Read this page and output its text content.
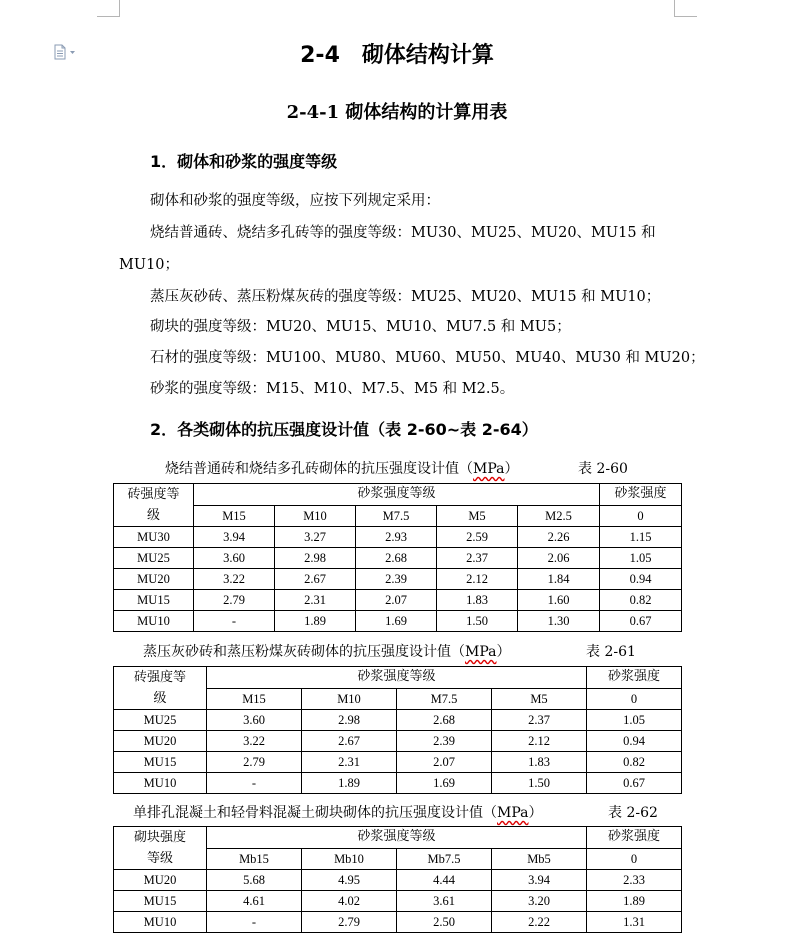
2-4　砌体结构计算
2-4-1 砌体结构的计算用表
1．砌体和砂浆的强度等级
砌体和砂浆的强度等级，应按下列规定采用：
烧结普通砖、烧结多孔砖等的强度等级：MU30、MU25、MU20、MU15 和
MU10；
蒸压灰砂砖、蒸压粉煤灰砖的强度等级：MU25、MU20、MU15 和 MU10；
砌块的强度等级：MU20、MU15、MU10、MU7.5 和 MU5；
石材的强度等级：MU100、MU80、MU60、MU50、MU40、MU30 和 MU20；
砂浆的强度等级：M15、M10、M7.5、M5 和 M2.5。
2．各类砌体的抗压强度设计值（表 2-60~表 2-64）
烧结普通砖和烧结多孔砖砌体的抗压强度设计值（MPa）	表 2-60
砖强度等级	砂浆强度等级					砂浆强度
	M15	M10	M7.5	M5	M2.5	0
MU30	3.94	3.27	2.93	2.59	2.26	1.15
MU25	3.60	2.98	2.68	2.37	2.06	1.05
MU20	3.22	2.67	2.39	2.12	1.84	0.94
MU15	2.79	2.31	2.07	1.83	1.60	0.82
MU10	-	1.89	1.69	1.50	1.30	0.67
蒸压灰砂砖和蒸压粉煤灰砖砌体的抗压强度设计值（MPa）	表 2-61
砖强度等级	砂浆强度等级				砂浆强度
	M15	M10	M7.5	M5	0
MU25	3.60	2.98	2.68	2.37	1.05
MU20	3.22	2.67	2.39	2.12	0.94
MU15	2.79	2.31	2.07	1.83	0.82
MU10	-	1.89	1.69	1.50	0.67
单排孔混凝土和轻骨料混凝土砌块砌体的抗压强度设计值（MPa）	表 2-62
砌块强度等级	砂浆强度等级				砂浆强度
	Mb15	Mb10	Mb7.5	Mb5	0
MU20	5.68	4.95	4.44	3.94	2.33
MU15	4.61	4.02	3.61	3.20	1.89
MU10	-	2.79	2.50	2.22	1.31
